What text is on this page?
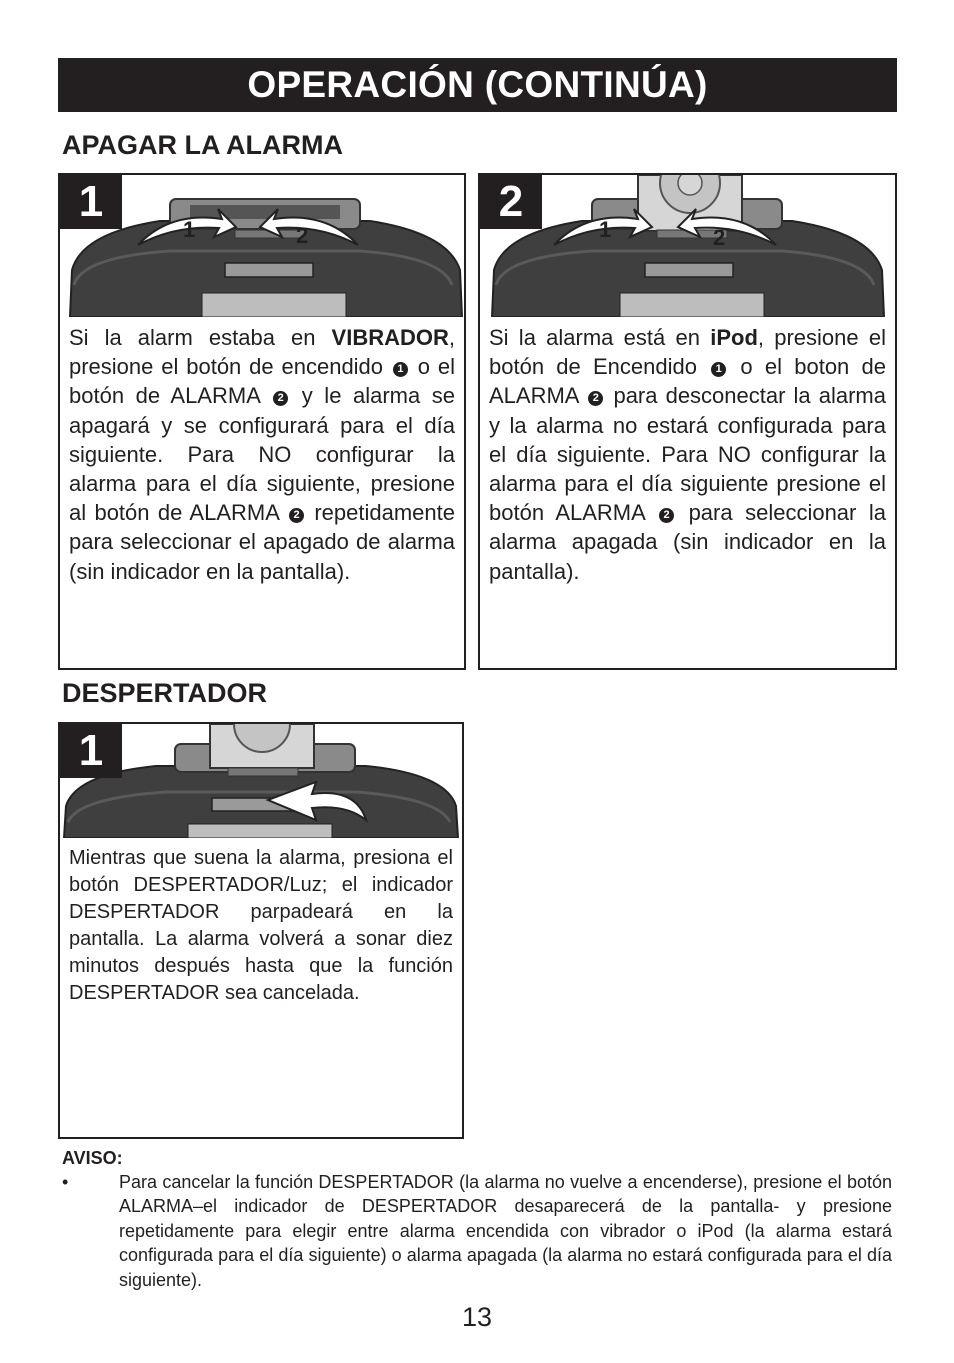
OPERACIÓN (CONTINÚA)
APAGAR LA ALARMA
1	2
1
Si la alarm estaba en VIBRADOR, presione el botón de encendido 1 o el botón de ALARMA 2 y le alarma se apagará y se configurará para el día siguiente. Para NO configurar la alarma para el día siguiente, presione al botón de ALARMA 2 repetidamente para seleccionar el apagado de alarma (sin indicador en la pantalla).
1	2
2
Si la alarma está en iPod, presione el botón de Encendido 1 o el boton de ALARMA 2 para desconectar la alarma y la alarma no estará configurada para el día siguiente. Para NO configurar la alarma para el día siguiente presione el botón ALARMA 2 para seleccionar la alarma apagada (sin indicador en la pantalla).
DESPERTADOR
1
Mientras que suena la alarma, presiona el botón DESPERTADOR/Luz; el indicador DESPERTADOR parpadeará en la pantalla. La alarma volverá a sonar diez minutos después hasta que la función DESPERTADOR sea cancelada.
AVISO:
•	Para cancelar la función DESPERTADOR (la alarma no vuelve a encenderse), presione el botón ALARMA–el indicador de DESPERTADOR desaparecerá de la pantalla- y presione repetidamente para elegir entre alarma encendida con vibrador o iPod (la alarma estará configurada para el día siguiente) o alarma apagada (la alarma no estará configurada para el día siguiente).
13
